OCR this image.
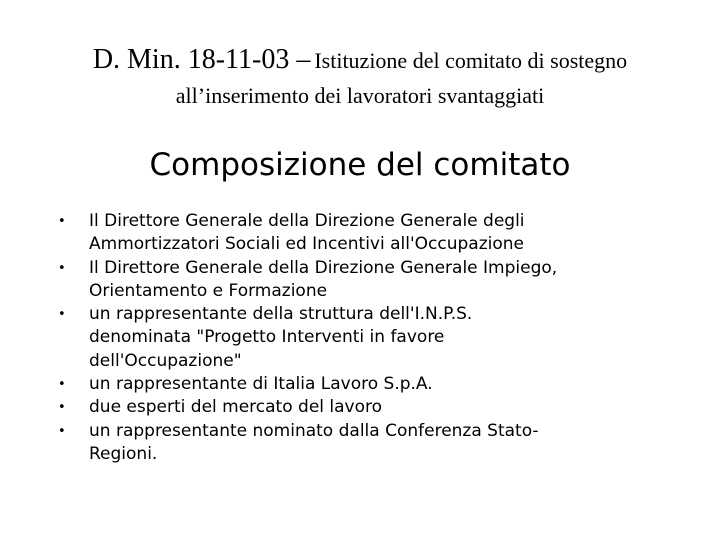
D. Min. 18-11-03 – Istituzione del comitato di sostegno
all’inserimento dei lavoratori svantaggiati
Composizione del comitato
•	Il Direttore Generale della Direzione Generale degli
Ammortizzatori Sociali ed Incentivi all'Occupazione
•	Il Direttore Generale della Direzione Generale Impiego,
Orientamento e Formazione
•	un rappresentante della struttura dell'I.N.P.S.
denominata "Progetto Interventi in favore
dell'Occupazione"
•	un rappresentante di Italia Lavoro S.p.A.
•	due esperti del mercato del lavoro
•	un rappresentante nominato dalla Conferenza Stato-
Regioni.
